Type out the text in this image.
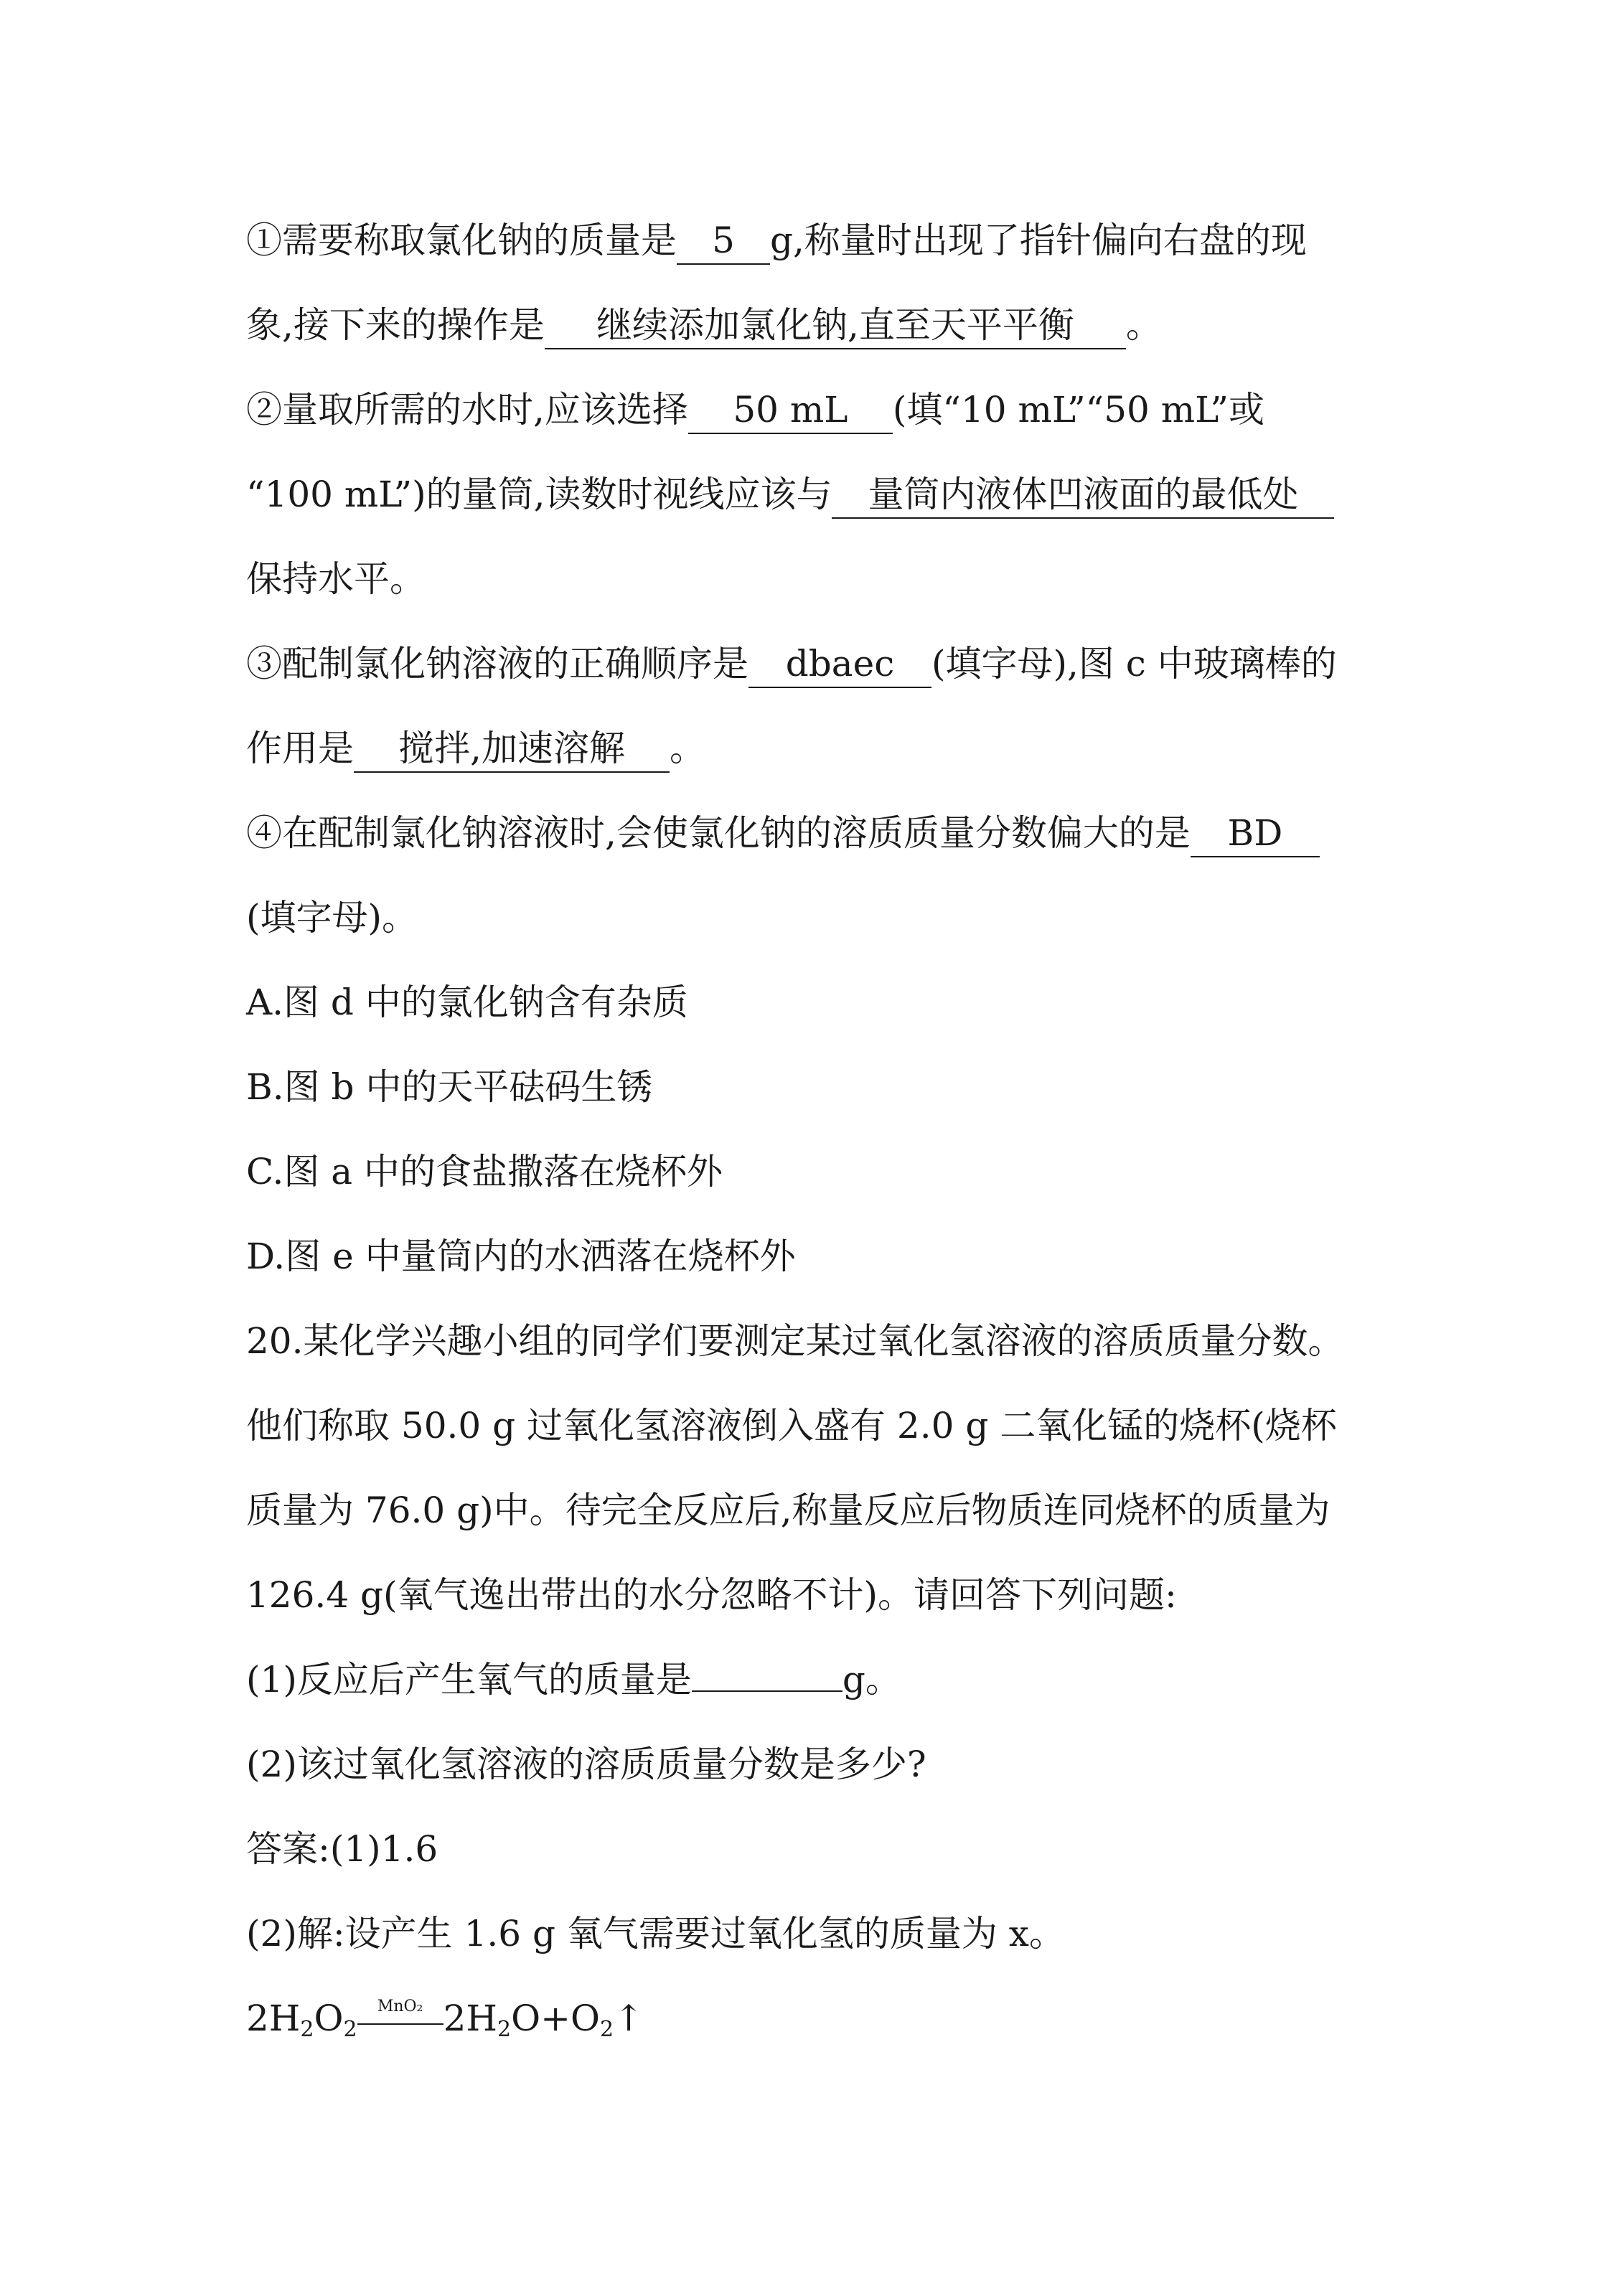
①需要称取氯化钠的质量是 5 g,称量时出现了指针偏向右盘的现
象,接下来的操作是 继续添加氯化钠,直至天平平衡 。
②量取所需的水时,应该选择 50 mL (填“10 mL”“50 mL”或
“100 mL”)的量筒,读数时视线应该与 量筒内液体凹液面的最低处
保持水平。
③配制氯化钠溶液的正确顺序是 dbaec (填字母),图 c 中玻璃棒的
作用是 搅拌,加速溶解 。
④在配制氯化钠溶液时,会使氯化钠的溶质质量分数偏大的是 BD
(填字母)。
A.图 d 中的氯化钠含有杂质
B.图 b 中的天平砝码生锈
C.图 a 中的食盐撒落在烧杯外
D.图 e 中量筒内的水洒落在烧杯外
20.某化学兴趣小组的同学们要测定某过氧化氢溶液的溶质质量分数。
他们称取 50.0 g 过氧化氢溶液倒入盛有 2.0 g 二氧化锰的烧杯(烧杯
质量为 76.0 g)中。待完全反应后,称量反应后物质连同烧杯的质量为
126.4 g(氧气逸出带出的水分忽略不计)。请回答下列问题:
(1)反应后产生氧气的质量是	g。
(2)该过氧化氢溶液的溶质质量分数是多少?
答案:(1)1.6
(2)解:设产生 1.6 g 氧气需要过氧化氢的质量为 x。
$2H_2O_2$
MnO₂ $2H_2O+O_2↑$
